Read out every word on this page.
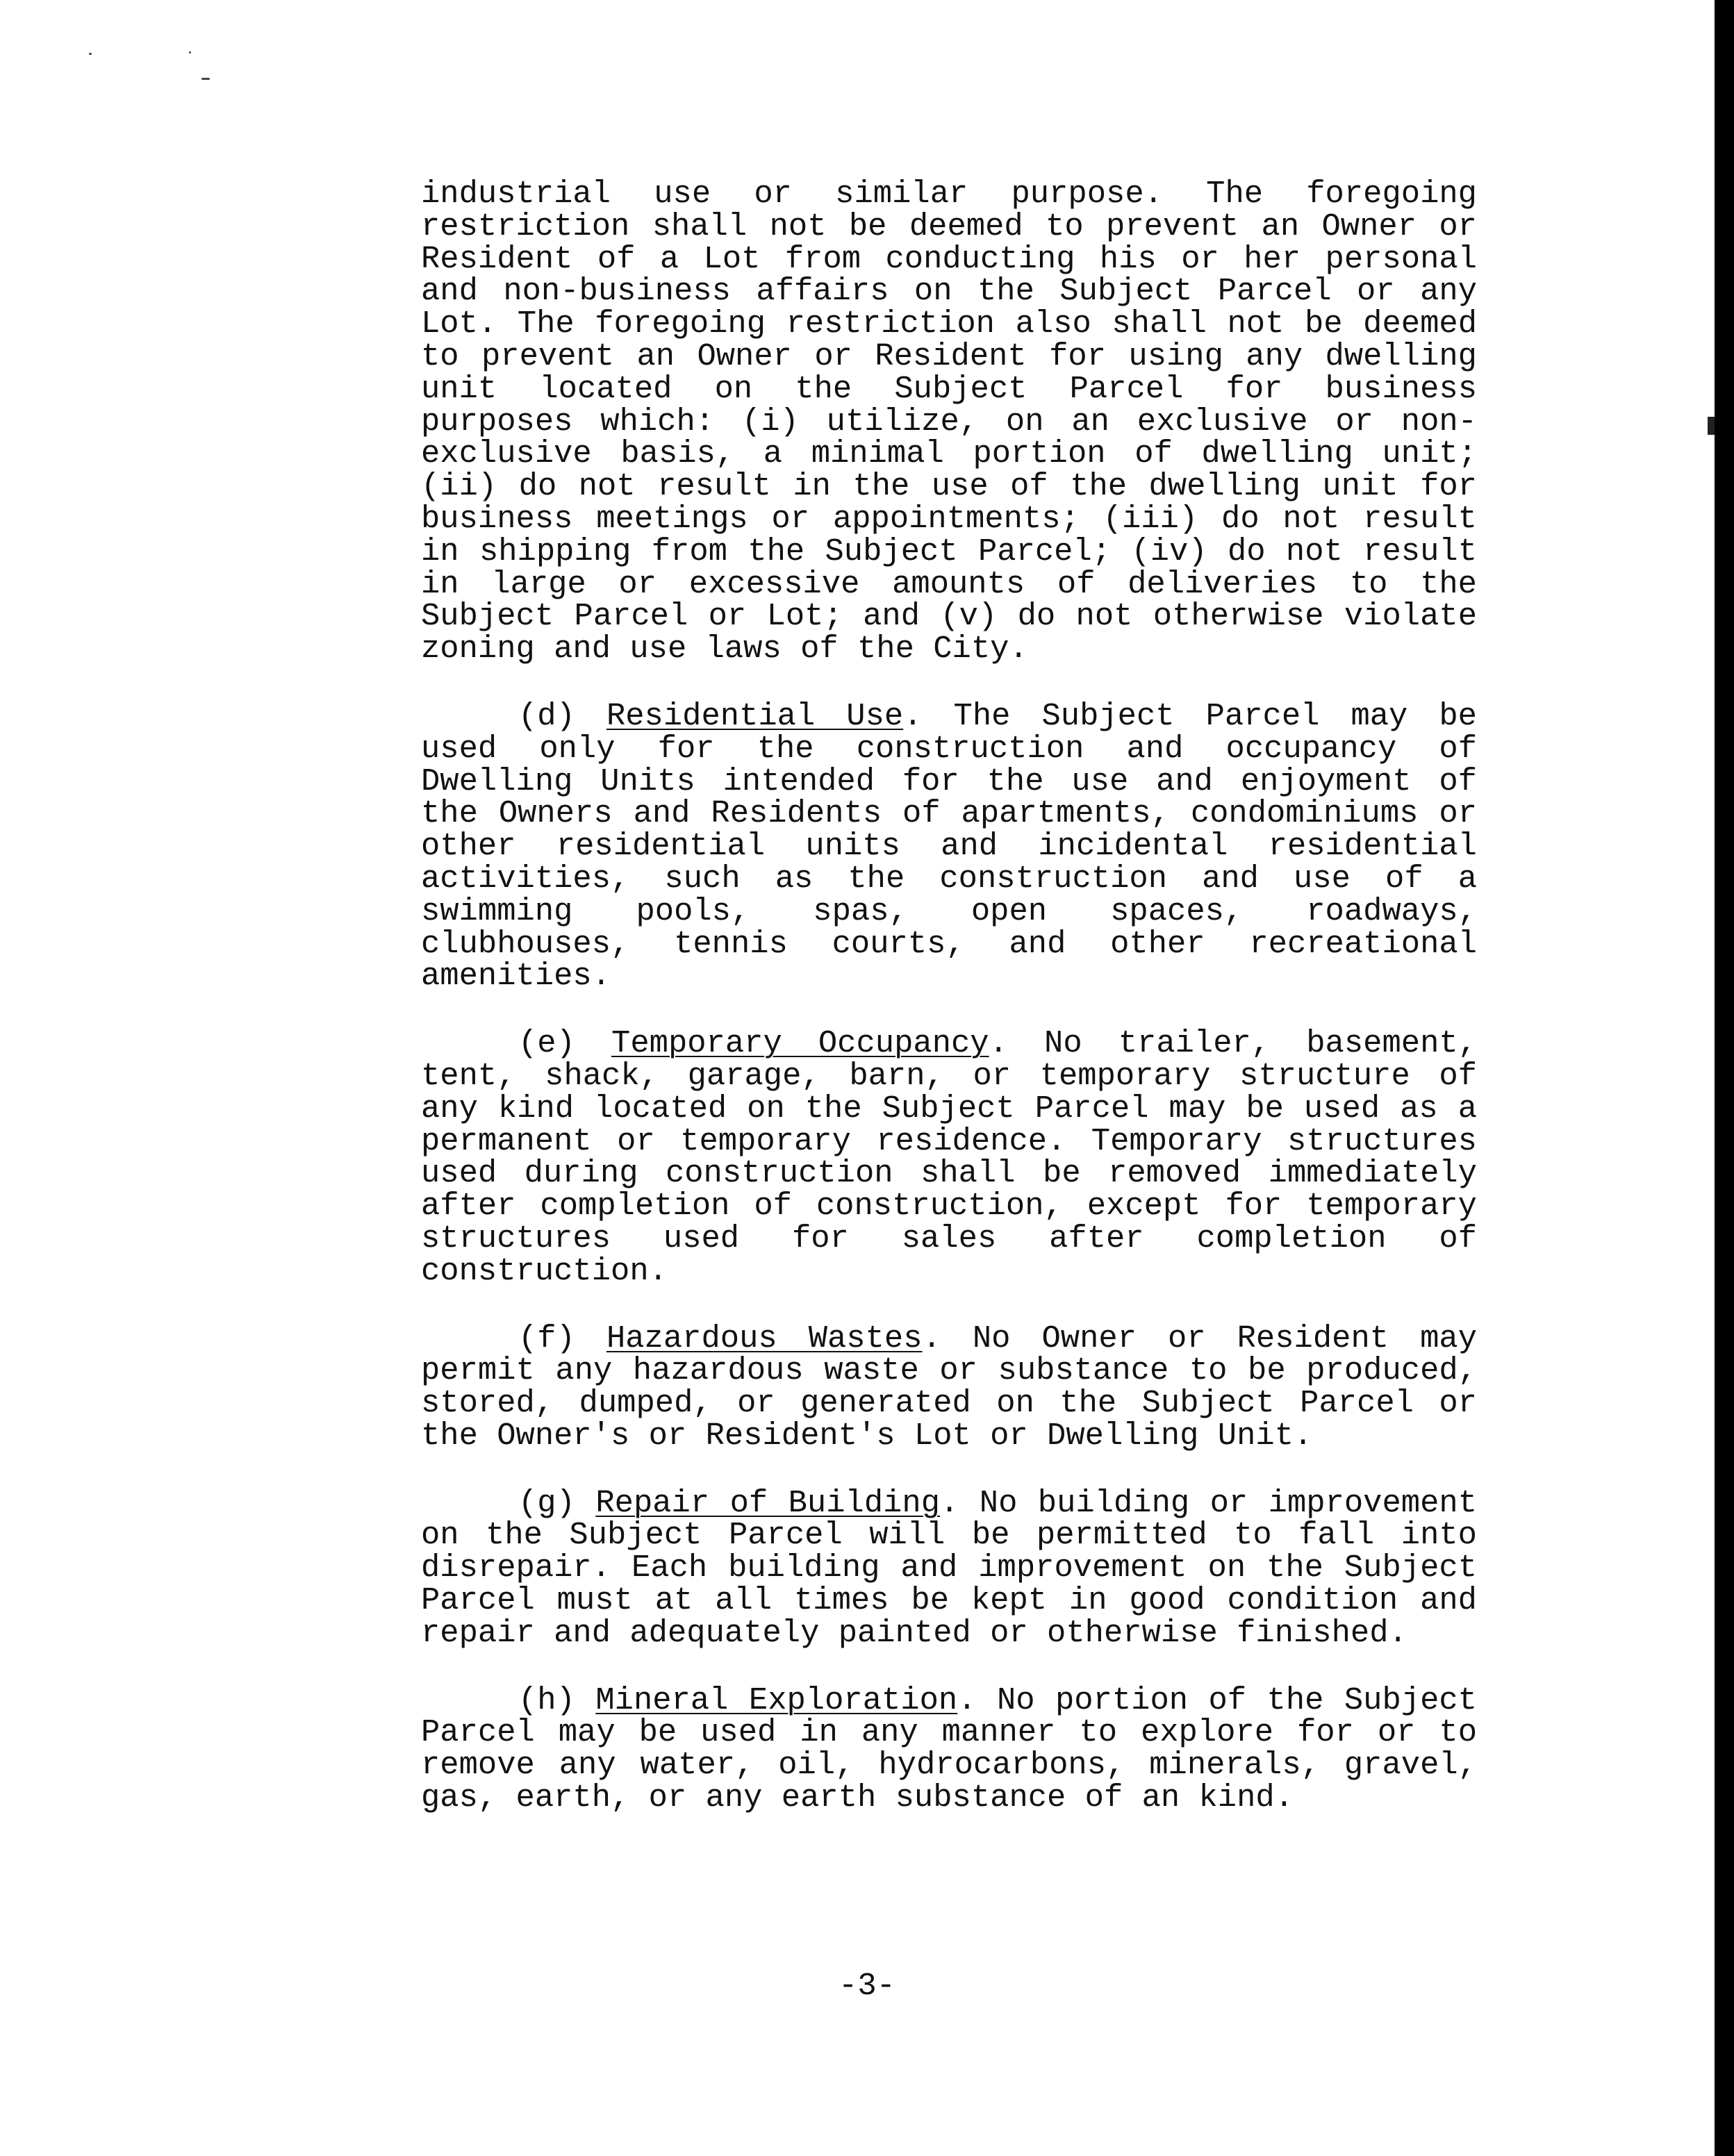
industrial use or similar purpose. The foregoing restriction shall not be deemed to prevent an Owner or Resident of a Lot from conducting his or her personal and non-business affairs on the Subject Parcel or any Lot. The foregoing restriction also shall not be deemed to prevent an Owner or Resident for using any dwelling unit located on the Subject Parcel for business purposes which: (i) utilize, on an exclusive or non-exclusive basis, a minimal portion of dwelling unit; (ii) do not result in the use of the dwelling unit for business meetings or appointments; (iii) do not result in shipping from the Subject Parcel; (iv) do not result in large or excessive amounts of deliveries to the Subject Parcel or Lot; and (v) do not otherwise violate zoning and use laws of the City.

(d) Residential Use. The Subject Parcel may be used only for the construction and occupancy of Dwelling Units intended for the use and enjoyment of the Owners and Residents of apartments, condominiums or other residential units and incidental residential activities, such as the construction and use of a swimming pools, spas, open spaces, roadways, clubhouses, tennis courts, and other recreational amenities.

(e) Temporary Occupancy. No trailer, basement, tent, shack, garage, barn, or temporary structure of any kind located on the Subject Parcel may be used as a permanent or temporary residence. Temporary structures used during construction shall be removed immediately after completion of construction, except for temporary structures used for sales after completion of construction.

(f) Hazardous Wastes. No Owner or Resident may permit any hazardous waste or substance to be produced, stored, dumped, or generated on the Subject Parcel or the Owner's or Resident's Lot or Dwelling Unit.

(g) Repair of Building. No building or improvement on the Subject Parcel will be permitted to fall into disrepair. Each building and improvement on the Subject Parcel must at all times be kept in good condition and repair and adequately painted or otherwise finished.

(h) Mineral Exploration. No portion of the Subject Parcel may be used in any manner to explore for or to remove any water, oil, hydrocarbons, minerals, gravel, gas, earth, or any earth substance of an kind.

-3-
